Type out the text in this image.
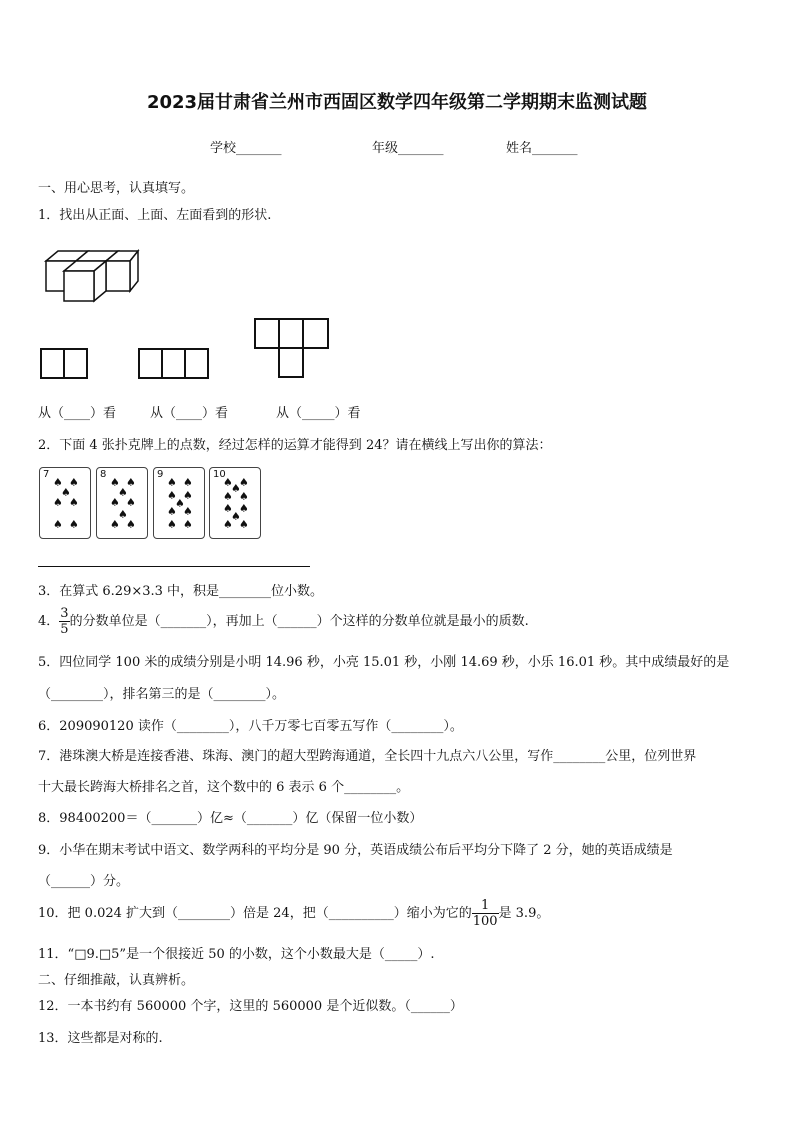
2023届甘肃省兰州市西固区数学四年级第二学期期末监测试题
学校_______	年级_______	姓名_______
一、用心思考，认真填写。
1．找出从正面、上面、左面看到的形状.
从（____）看	从（____）看	从（_____）看
2．下面 4 张扑克牌上的点数，经过怎样的运算才能得到 24？请在横线上写出你的算法：
7
♠ ♠
♠
♠ ♠
♠ ♠
8
♠ ♠
♠
♠ ♠
♠
♠ ♠
9
♠ ♠
♠ ♠
♠
♠ ♠
♠ ♠
10
♠ ♠
♠
♠ ♠
♠ ♠
♠
♠ ♠
3．在算式 6.29×3.3 中，积是________位小数。
4． $\frac{3}{5}$ 的分数单位是（_______），再加上（______）个这样的分数单位就是最小的质数.
5．四位同学 100 米的成绩分别是小明 14.96 秒，小亮 15.01 秒，小刚 14.69 秒，小乐 16.01 秒。其中成绩最好的是
（________），排名第三的是（________）。
6．209090120 读作（________），八千万零七百零五写作（________）。
7．港珠澳大桥是连接香港、珠海、澳门的超大型跨海通道，全长四十九点六八公里，写作________公里，位列世界
十大最长跨海大桥排名之首，这个数中的 6 表示 6 个________。
8．98400200＝（_______）亿≈（_______）亿（保留一位小数）
9．小华在期末考试中语文、数学两科的平均分是 90 分，英语成绩公布后平均分下降了 2 分，她的英语成绩是
（______）分。
10．把 0.024 扩大到（________）倍是 24，把（__________）缩小为它的 $\frac{1}{100}$ 是 3.9。
11．“□9.□5”是一个很接近 50 的小数，这个小数最大是（_____）.
二、仔细推敲，认真辨析。
12．一本书约有 560000 个字，这里的 560000 是个近似数。（______）
13．这些都是对称的.
